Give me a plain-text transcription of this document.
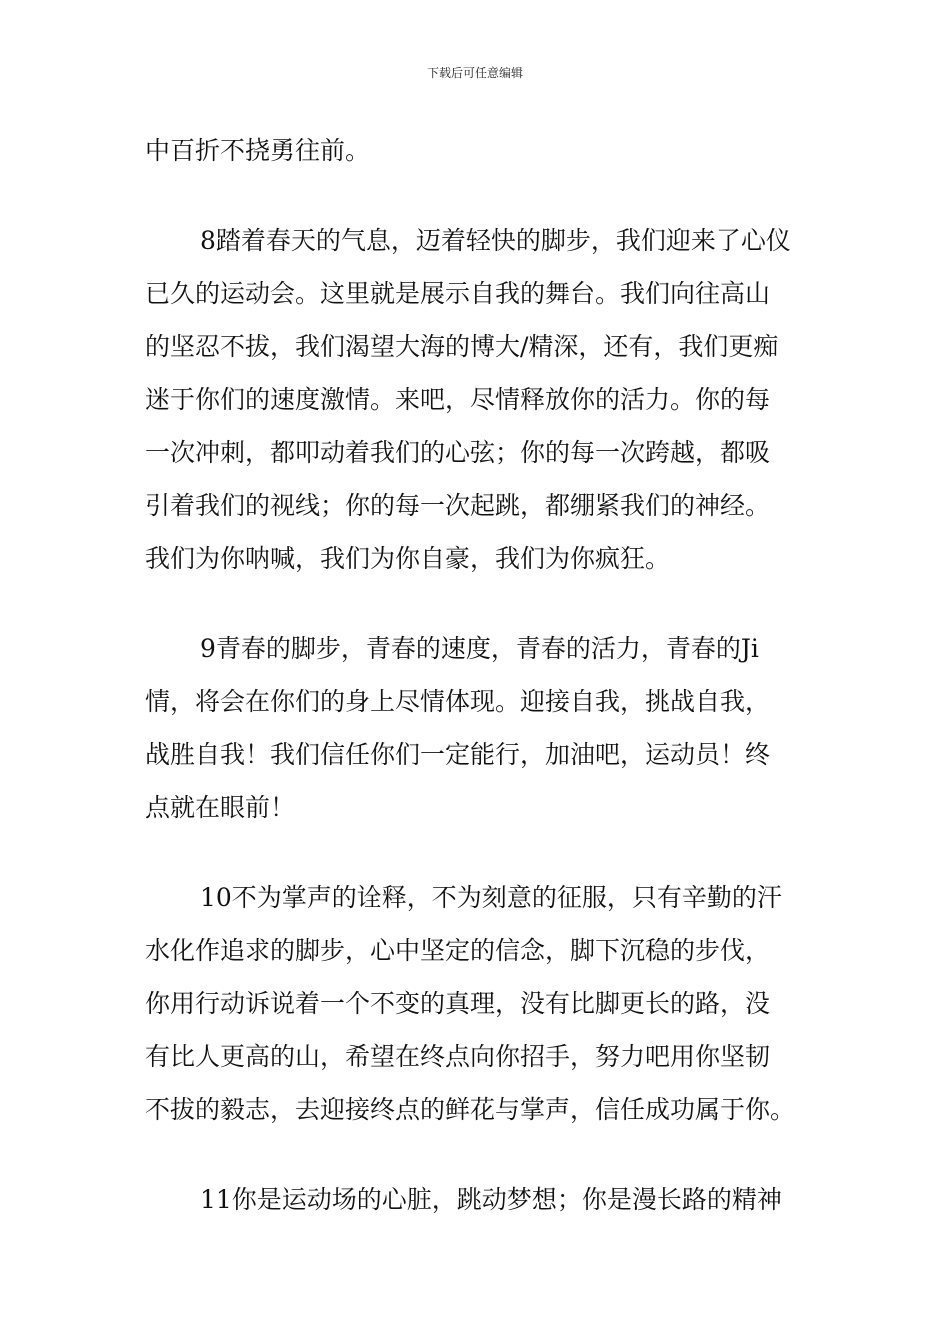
下载后可任意编辑
中百折不挠勇往前。
8踏着春天的气息，迈着轻快的脚步，我们迎来了心仪
已久的运动会。这里就是展示自我的舞台。我们向往高山
的坚忍不拔，我们渴望大海的博大/精深，还有，我们更痴
迷于你们的速度激情。来吧，尽情释放你的活力。你的每
一次冲刺，都叩动着我们的心弦；你的每一次跨越，都吸
引着我们的视线；你的每一次起跳，都绷紧我们的神经。
我们为你呐喊，我们为你自豪，我们为你疯狂。
9青春的脚步，青春的速度，青春的活力，青春的Ji
情，将会在你们的身上尽情体现。迎接自我，挑战自我，
战胜自我！我们信任你们一定能行，加油吧，运动员！终
点就在眼前！
10不为掌声的诠释，不为刻意的征服，只有辛勤的汗
水化作追求的脚步，心中坚定的信念，脚下沉稳的步伐，
你用行动诉说着一个不变的真理，没有比脚更长的路，没
有比人更高的山，希望在终点向你招手，努力吧用你坚韧
不拔的毅志，去迎接终点的鲜花与掌声，信任成功属于你。
11你是运动场的心脏，跳动梦想；你是漫长路的精神
